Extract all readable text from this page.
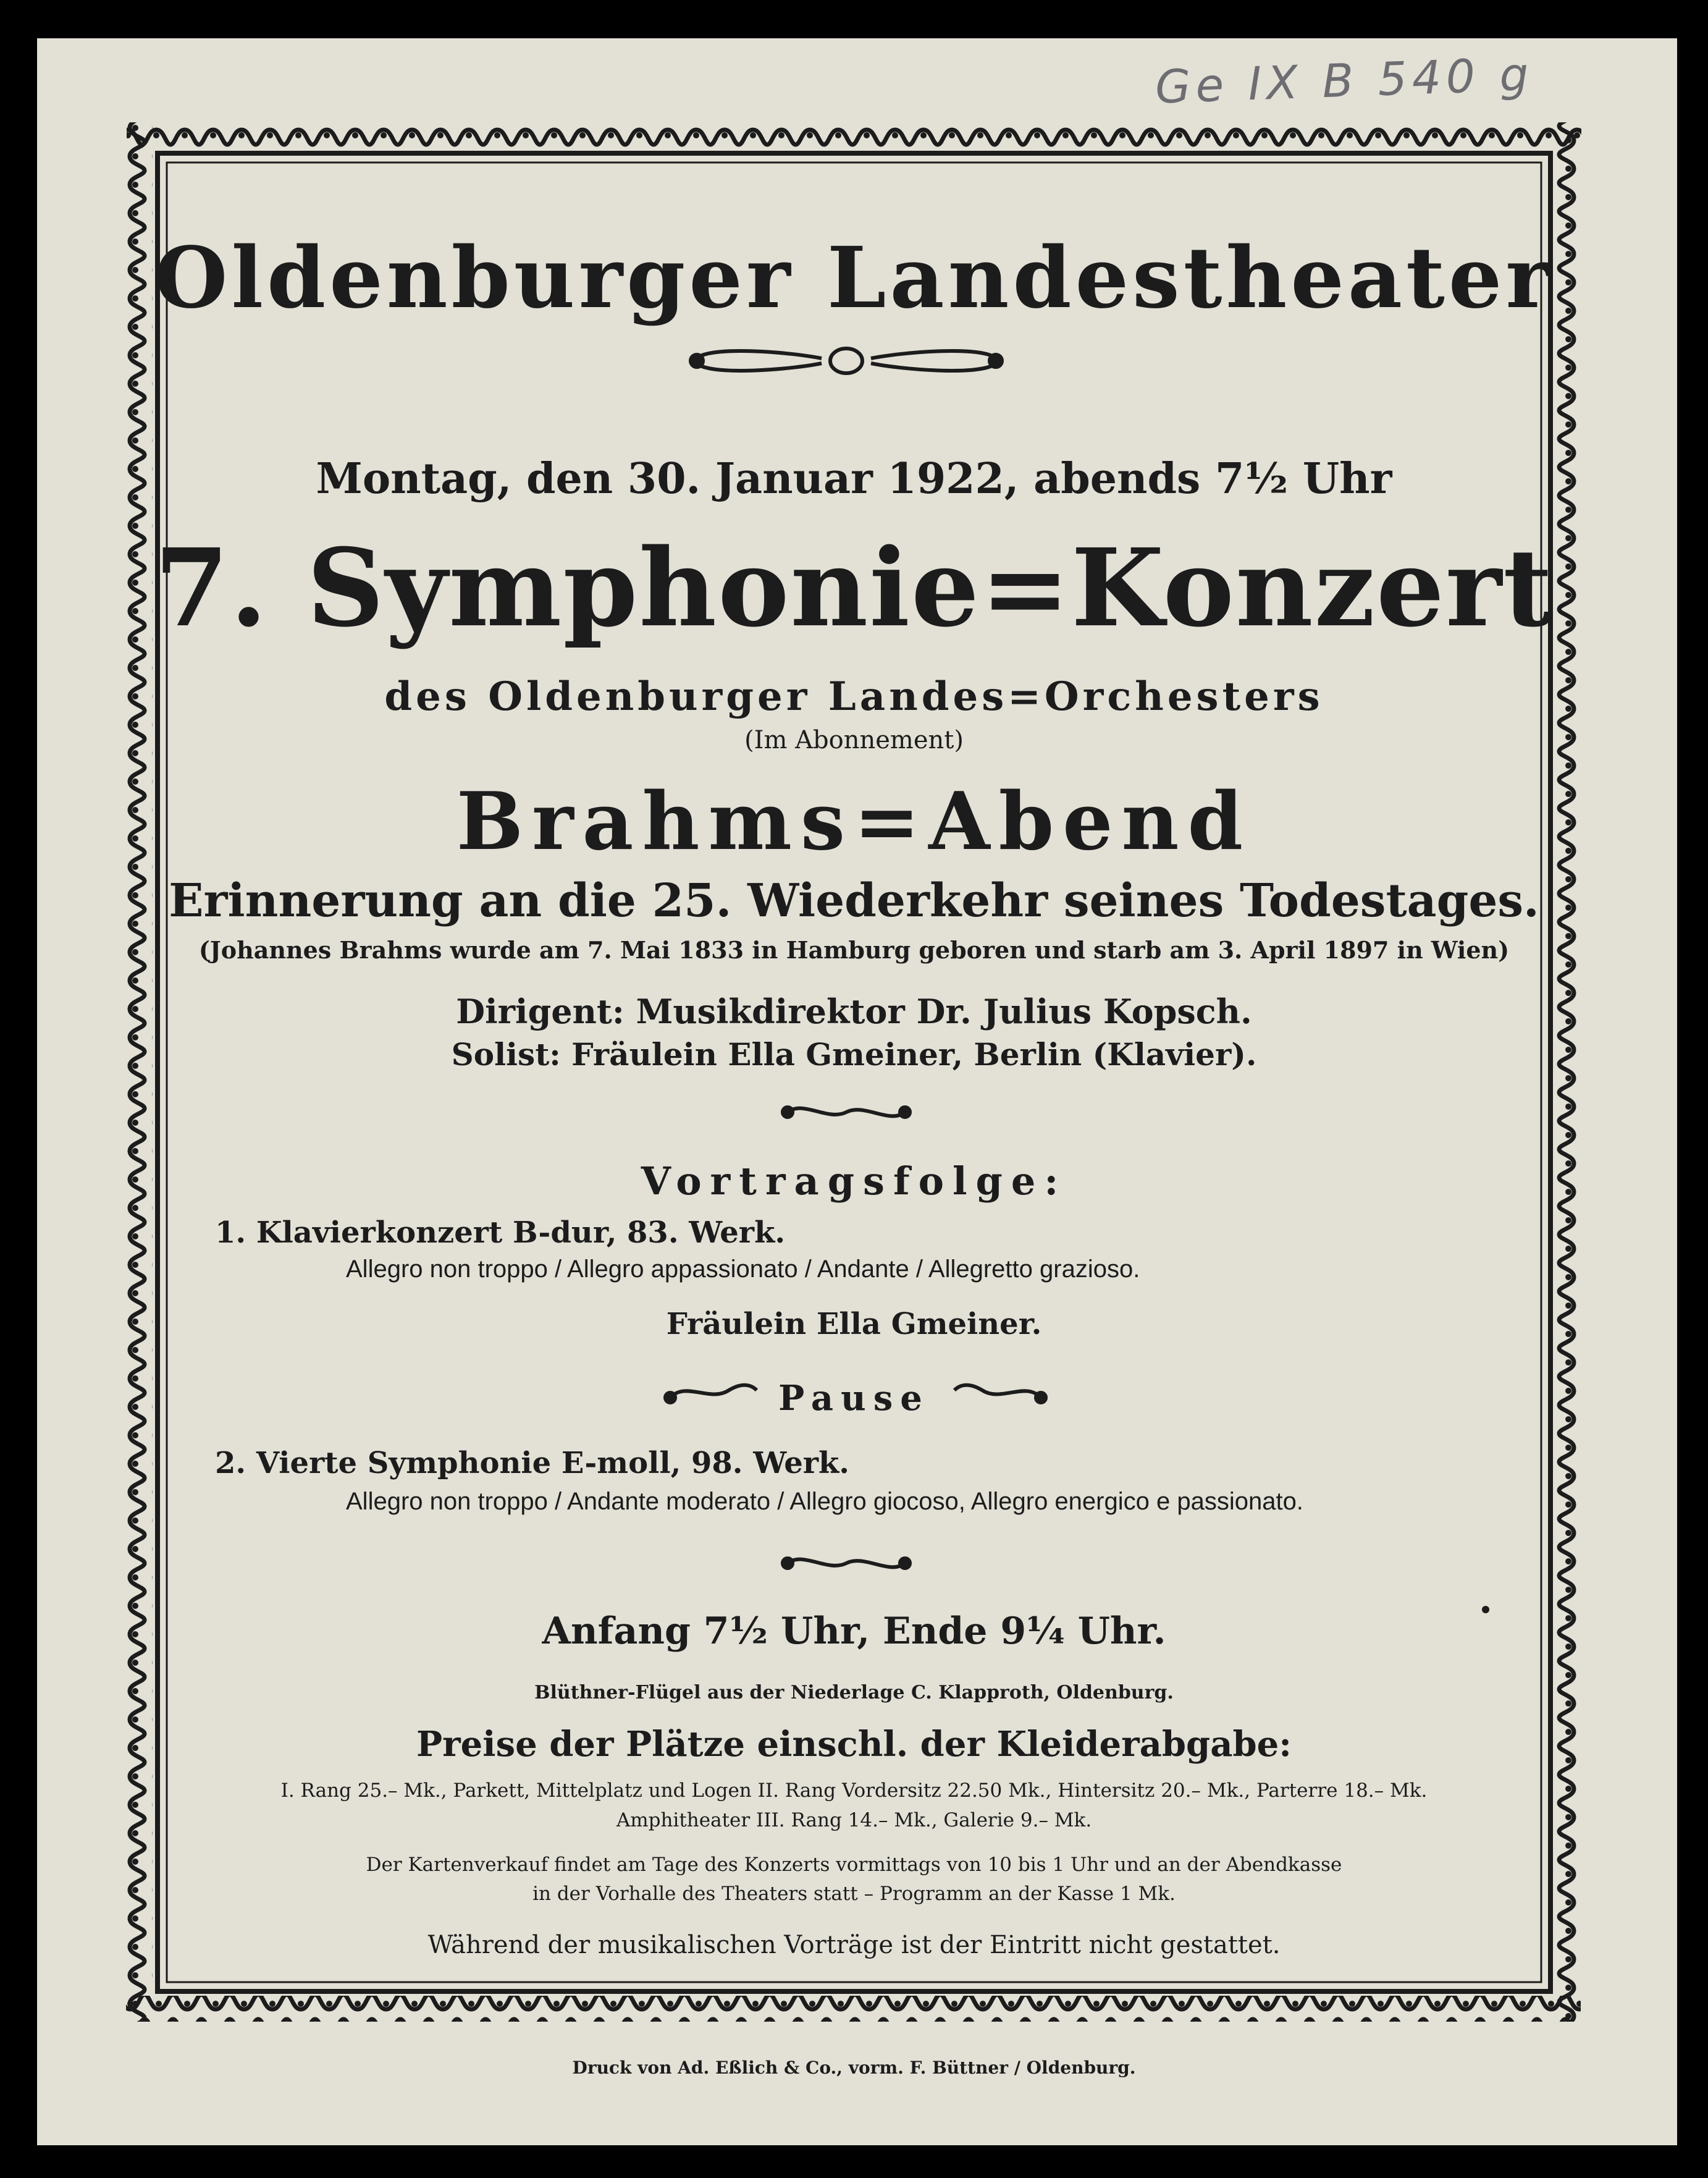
Ge IX B 540 g
Oldenburger Landestheater
Montag, den 30. Januar 1922, abends 7½ Uhr
7. Symphonie=Konzert
des Oldenburger Landes=Orchesters
(Im Abonnement)
Brahms=Abend
Erinnerung an die 25. Wiederkehr seines Todestages.
(Johannes Brahms wurde am 7. Mai 1833 in Hamburg geboren und starb am 3. April 1897 in Wien)
Dirigent: Musikdirektor Dr. Julius Kopsch.
Solist: Fräulein Ella Gmeiner, Berlin (Klavier).
Vortragsfolge:
1. Klavierkonzert B-dur, 83. Werk.
Allegro non troppo / Allegro appassionato / Andante / Allegretto grazioso.
Fräulein Ella Gmeiner.
Pause
2. Vierte Symphonie E-moll, 98. Werk.
Allegro non troppo / Andante moderato / Allegro giocoso, Allegro energico e passionato.
Anfang 7½ Uhr, Ende 9¼ Uhr.
Blüthner-Flügel aus der Niederlage C. Klapproth, Oldenburg.
Preise der Plätze einschl. der Kleiderabgabe:
I. Rang 25.– Mk., Parkett, Mittelplatz und Logen II. Rang Vordersitz 22.50 Mk., Hintersitz 20.– Mk., Parterre 18.– Mk.
Amphitheater III. Rang 14.– Mk., Galerie 9.– Mk.
Der Kartenverkauf findet am Tage des Konzerts vormittags von 10 bis 1 Uhr und an der Abendkasse
in der Vorhalle des Theaters statt – Programm an der Kasse 1 Mk.
Während der musikalischen Vorträge ist der Eintritt nicht gestattet.
Druck von Ad. Eßlich & Co., vorm. F. Büttner / Oldenburg.
